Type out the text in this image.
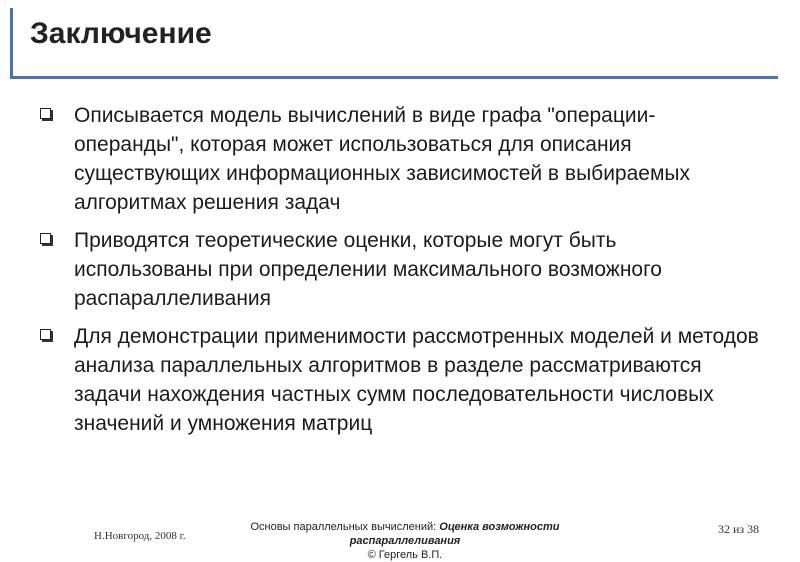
Заключение
Описывается модель вычислений в виде графа "операции-операнды", которая может использоваться для описания существующих информационных зависимостей в выбираемых алгоритмах решения задач
Приводятся теоретические оценки, которые могут быть использованы при определении максимального возможного распараллеливания
Для демонстрации применимости рассмотренных моделей и методов анализа параллельных алгоритмов в разделе рассматриваются задачи нахождения частных сумм последовательности числовых значений и умножения матриц
Н.Новгород, 2008 г.
Основы параллельных вычислений: Оценка возможности распараллеливания
© Гергель В.П.
32 из 38
